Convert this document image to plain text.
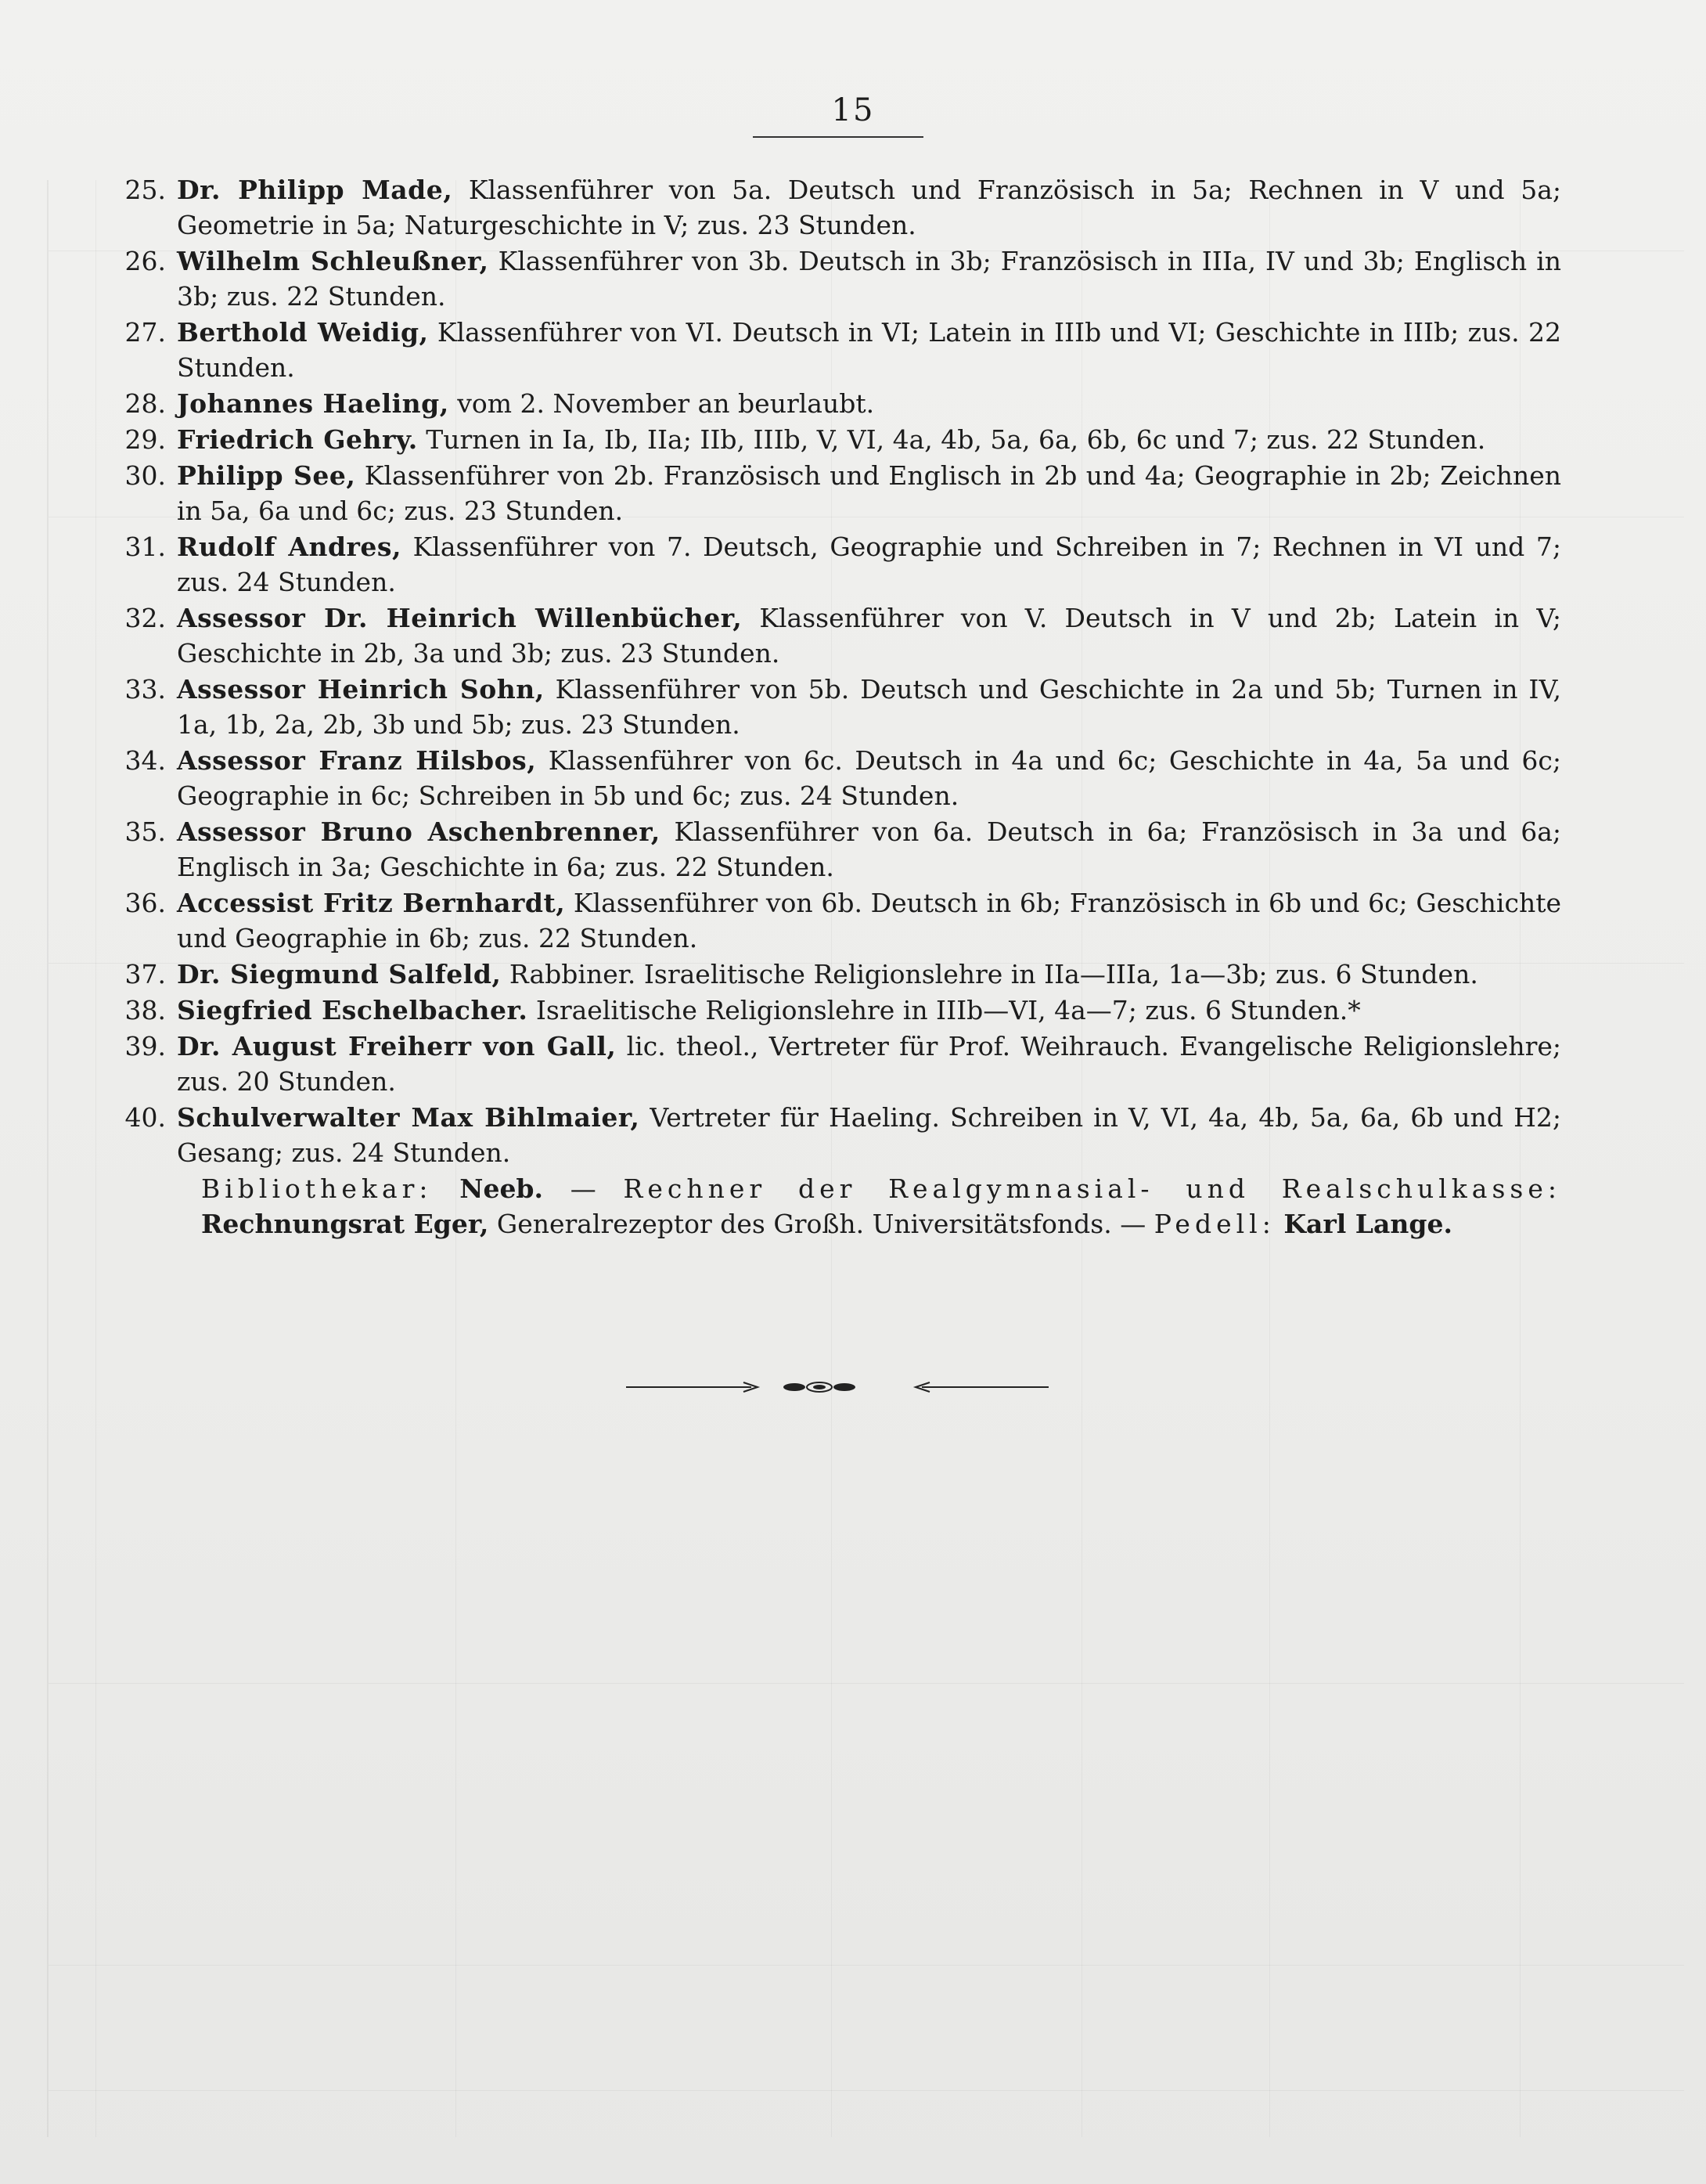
15
25. Dr. Philipp Made, Klassenführer von 5a. Deutsch und Französisch in 5a; Rechnen in V und 5a; Geometrie in 5a; Naturgeschichte in V; zus. 23 Stunden.
26. Wilhelm Schleußner, Klassenführer von 3b. Deutsch in 3b; Französisch in IIIa, IV und 3b; Englisch in 3b; zus. 22 Stunden.
27. Berthold Weidig, Klassenführer von VI. Deutsch in VI; Latein in IIIb und VI; Geschichte in IIIb; zus. 22 Stunden.
28. Johannes Haeling, vom 2. November an beurlaubt.
29. Friedrich Gehry. Turnen in Ia, Ib, IIa; IIb, IIIb, V, VI, 4a, 4b, 5a, 6a, 6b, 6c und 7; zus. 22 Stunden.
30. Philipp See, Klassenführer von 2b. Französisch und Englisch in 2b und 4a; Geographie in 2b; Zeichnen in 5a, 6a und 6c; zus. 23 Stunden.
31. Rudolf Andres, Klassenführer von 7. Deutsch, Geographie und Schreiben in 7; Rechnen in VI und 7; zus. 24 Stunden.
32. Assessor Dr. Heinrich Willenbücher, Klassenführer von V. Deutsch in V und 2b; Latein in V; Geschichte in 2b, 3a und 3b; zus. 23 Stunden.
33. Assessor Heinrich Sohn, Klassenführer von 5b. Deutsch und Geschichte in 2a und 5b; Turnen in IV, 1a, 1b, 2a, 2b, 3b und 5b; zus. 23 Stunden.
34. Assessor Franz Hilsbos, Klassenführer von 6c. Deutsch in 4a und 6c; Geschichte in 4a, 5a und 6c; Geographie in 6c; Schreiben in 5b und 6c; zus. 24 Stunden.
35. Assessor Bruno Aschenbrenner, Klassenführer von 6a. Deutsch in 6a; Französisch in 3a und 6a; Englisch in 3a; Geschichte in 6a; zus. 22 Stunden.
36. Accessist Fritz Bernhardt, Klassenführer von 6b. Deutsch in 6b; Französisch in 6b und 6c; Geschichte und Geographie in 6b; zus. 22 Stunden.
37. Dr. Siegmund Salfeld, Rabbiner. Israelitische Religionslehre in IIa—IIIa, 1a—3b; zus. 6 Stunden.
38. Siegfried Eschelbacher. Israelitische Religionslehre in IIIb—VI, 4a—7; zus. 6 Stunden.*
39. Dr. August Freiherr von Gall, lic. theol., Vertreter für Prof. Weihrauch. Evangelische Religionslehre; zus. 20 Stunden.
40. Schulverwalter Max Bihlmaier, Vertreter für Haeling. Schreiben in V, VI, 4a, 4b, 5a, 6a, 6b und H2; Gesang; zus. 24 Stunden.
Bibliothekar: Neeb. — Rechner der Realgymnasial- und Realschulkasse: Rechnungsrat Eger, Generalrezeptor des Großh. Universitätsfonds. — Pedell: Karl Lange.
